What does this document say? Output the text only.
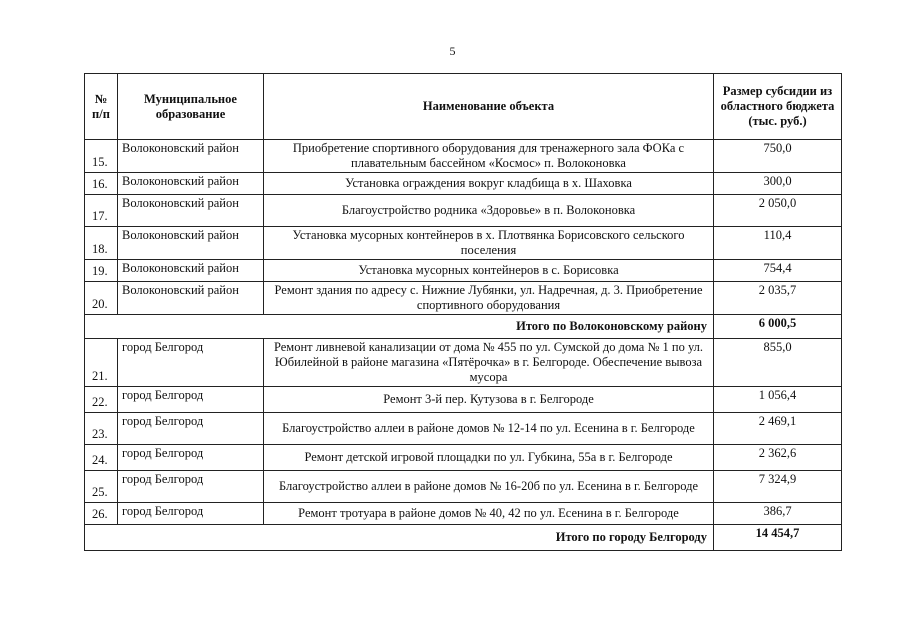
5
№ п/п	Муниципальное образование	Наименование объекта	Размер субсидии из областного бюджета (тыс. руб.)
15.	Волоконовский район	Приобретение спортивного оборудования для тренажерного зала ФОКа с плавательным бассейном «Космос» п. Волоконовка	750,0
16.	Волоконовский район	Установка ограждения вокруг кладбища в х. Шаховка	300,0
17.	Волоконовский район	Благоустройство родника «Здоровье» в п. Волоконовка	2 050,0
18.	Волоконовский район	Установка мусорных контейнеров в х. Плотвянка Борисовского сельского поселения	110,4
19.	Волоконовский район	Установка мусорных контейнеров в с. Борисовка	754,4
20.	Волоконовский район	Ремонт здания по адресу с. Нижние Лубянки, ул. Надречная, д. 3. Приобретение спортивного оборудования	2 035,7
Итого по Волоконовскому району			6 000,5
21.	город Белгород	Ремонт ливневой канализации от дома № 455 по ул. Сумской до дома № 1 по ул. Юбилейной в районе магазина «Пятёрочка» в г. Белгороде. Обеспечение вывоза мусора	855,0
22.	город Белгород	Ремонт 3-й пер. Кутузова в г. Белгороде	1 056,4
23.	город Белгород	Благоустройство аллеи в районе домов № 12-14 по ул. Есенина в г. Белгороде	2 469,1
24.	город Белгород	Ремонт детской игровой площадки по ул. Губкина, 55а в г. Белгороде	2 362,6
25.	город Белгород	Благоустройство аллеи в районе домов № 16-20б по ул. Есенина в г. Белгороде	7 324,9
26.	город Белгород	Ремонт тротуара в районе домов № 40, 42 по ул. Есенина в г. Белгороде	386,7
Итого по городу Белгороду			14 454,7
